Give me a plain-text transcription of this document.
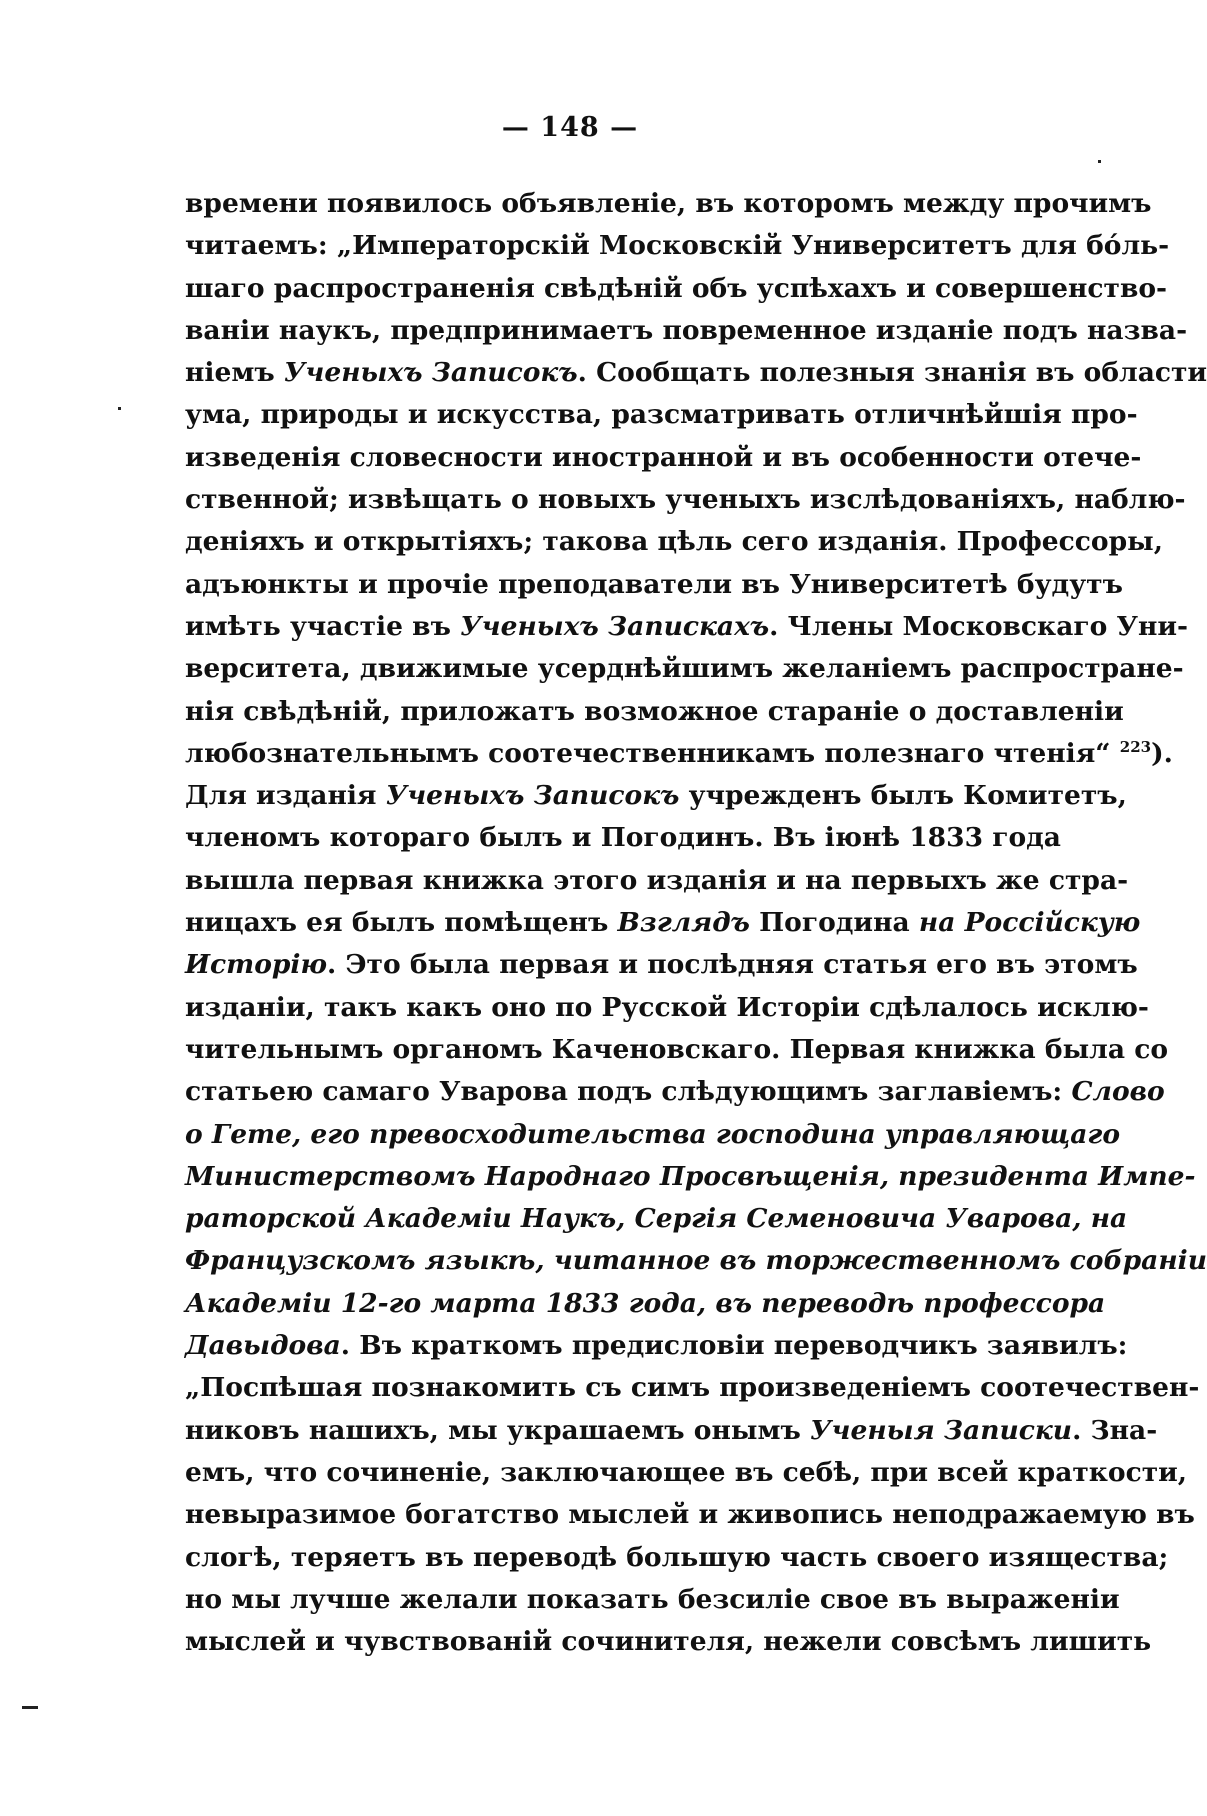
— 148 —
времени появилось объявленіе, въ которомъ между прочимъ
читаемъ: „Императорскій Московскій Университетъ для бóль-
шаго распространенія свѣдѣній объ успѣхахъ и совершенство-
ваніи наукъ, предпринимаетъ повременное изданіе подъ назва-
ніемъ Ученыхъ Записокъ. Сообщать полезныя знанія въ области
ума, природы и искусства, разсматривать отличнѣйшія про-
изведенія словесности иностранной и въ особенности отече-
ственной; извѣщать о новыхъ ученыхъ изслѣдованіяхъ, наблю-
деніяхъ и открытіяхъ; такова цѣль сего изданія. Профессоры,
адъюнкты и прочіе преподаватели въ Университетѣ будутъ
имѣть участіе въ Ученыхъ Запискахъ. Члены Московскаго Уни-
верситета, движимые усерднѣйшимъ желаніемъ распростране-
нія свѣдѣній, приложатъ возможное стараніе о доставленіи
любознательнымъ соотечественникамъ полезнаго чтенія“ $^{223}$).
Для изданія Ученыхъ Записокъ учрежденъ былъ Комитетъ,
членомъ котораго былъ и Погодинъ. Въ іюнѣ 1833 года
вышла первая книжка этого изданія и на первыхъ же стра-
ницахъ ея былъ помѣщенъ Взглядъ Погодина на Россійскую
Исторію. Это была первая и послѣдняя статья его въ этомъ
изданіи, такъ какъ оно по Русской Исторіи сдѣлалось исклю-
чительнымъ органомъ Каченовскаго. Первая книжка была со
статьею самаго Уварова подъ слѣдующимъ заглавіемъ: Слово
о Гете, его превосходительства господина управляющаго
Министерствомъ Народнаго Просвѣщенія, президента Импе-
раторской Академіи Наукъ, Сергія Семеновича Уварова, на
Французскомъ языкѣ, читанное въ торжественномъ собраніи
Академіи 12-го марта 1833 года, въ переводѣ профессора
Давыдова. Въ краткомъ предисловіи переводчикъ заявилъ:
„Поспѣшая познакомить съ симъ произведеніемъ соотечествен-
никовъ нашихъ, мы украшаемъ онымъ Ученыя Записки. Зна-
емъ, что сочиненіе, заключающее въ себѣ, при всей краткости,
невыразимое богатство мыслей и живопись неподражаемую въ
слогѣ, теряетъ въ переводѣ большую часть своего изящества;
но мы лучше желали показать безсиліе свое въ выраженіи
мыслей и чувствованій сочинителя, нежели совсѣмъ лишить
